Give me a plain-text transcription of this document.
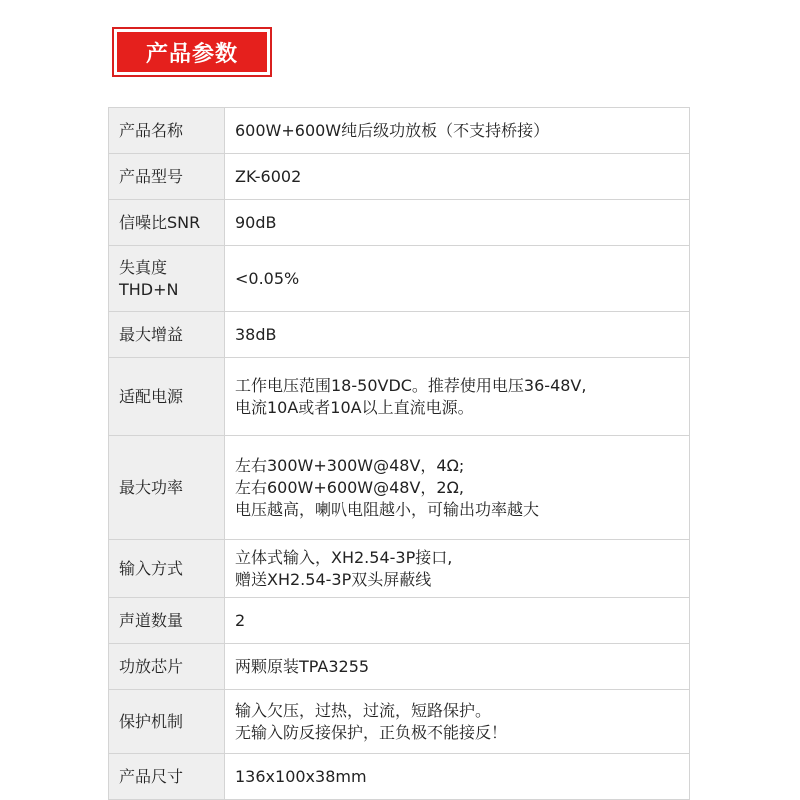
产品参数
产品名称	600W+600W纯后级功放板（不支持桥接）

产品型号	ZK-6002

信噪比SNR	90dB

失真度
THD+N	<0.05%

最大增益	38dB

适配电源	工作电压范围18-50VDC。推荐使用电压36-48V,
电流10A或者10A以上直流电源。

最大功率	左右300W+300W@48V，4Ω;
左右600W+600W@48V，2Ω,
电压越高，喇叭电阻越小，可输出功率越大

输入方式	立体式输入，XH2.54-3P接口,
赠送XH2.54-3P双头屏蔽线

声道数量	2

功放芯片	两颗原装TPA3255

保护机制	输入欠压，过热，过流，短路保护。
无输入防反接保护，正负极不能接反！

产品尺寸	136x100x38mm
